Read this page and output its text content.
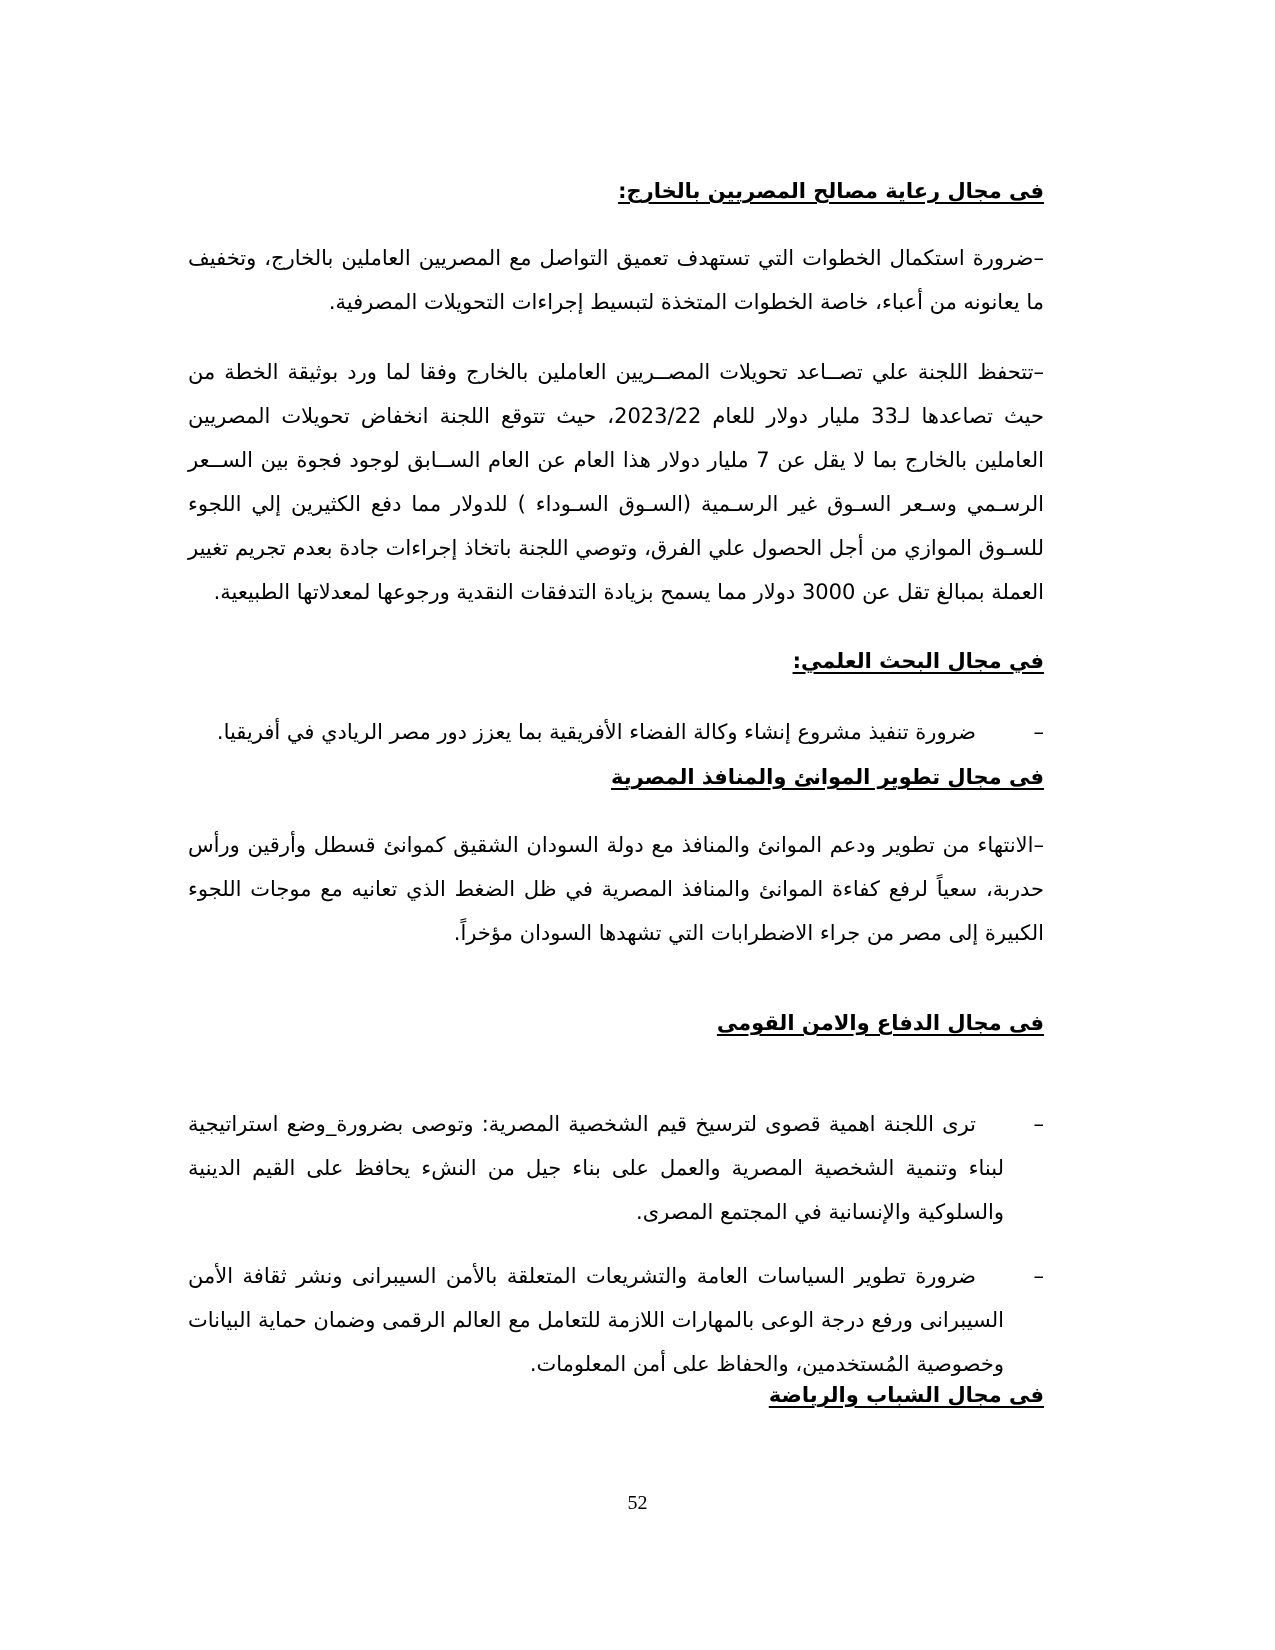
فى مجال رعاية مصالح المصريين بالخارج:
–ضرورة استكمال الخطوات التي تستهدف تعميق التواصل مع المصريين العاملين بالخارج، وتخفيف ما يعانونه من أعباء، خاصة الخطوات المتخذة لتبسيط إجراءات التحويلات المصرفية.
–تتحفظ اللجنة علي تصــاعد تحويلات المصــريين العاملين بالخارج وفقا لما ورد بوثيقة الخطة من حيث تصاعدها لـ33 مليار دولار للعام 2023/22، حيث تتوقع اللجنة انخفاض تحويلات المصريين العاملين بالخارج بما لا يقل عن 7 مليار دولار هذا العام عن العام الســابق لوجود فجوة بين الســعر الرسـمي وسـعر السـوق غير الرسـمية (السـوق السـوداء ) للدولار مما دفع الكثيرين إلي اللجوء للسـوق الموازي من أجل الحصول علي الفرق، وتوصي اللجنة باتخاذ إجراءات جادة بعدم تجريم تغيير العملة بمبالغ تقل عن 3000 دولار مما يسمح بزيادة التدفقات النقدية ورجوعها لمعدلاتها الطبيعية.
في مجال البحث العلمي:
–
ضرورة تنفيذ مشروع إنشاء وكالة الفضاء الأفريقية بما يعزز دور مصر الريادي في أفريقيا.
فى مجال تطوير الموانئ والمنافذ المصرية
–الانتهاء من تطوير ودعم الموانئ والمنافذ مع دولة السودان الشقيق كموانئ قسطل وأرقين ورأس حدربة، سعياً لرفع كفاءة الموانئ والمنافذ المصرية في ظل الضغط الذي تعانيه مع موجات اللجوء الكبيرة إلى مصر من جراء الاضطرابات التي تشهدها السودان مؤخراً.
فى مجال الدفاع والامن القومى
–
ترى اللجنة اهمية قصوى لترسيخ قيم الشخصية المصرية: وتوصى بضرورة_وضع استراتيجية لبناء وتنمية الشخصية المصرية والعمل على بناء جيل من النشء يحافظ على القيم الدينية والسلوكية والإنسانية في المجتمع المصرى.
–
ضرورة تطوير السياسات العامة والتشريعات المتعلقة بالأمن السيبرانى ونشر ثقافة الأمن السيبرانى ورفع درجة الوعى بالمهارات اللازمة للتعامل مع العالم الرقمى وضمان حماية البيانات وخصوصية المُستخدمين، والحفاظ على أمن المعلومات.
فى مجال الشباب والرياضة
52
